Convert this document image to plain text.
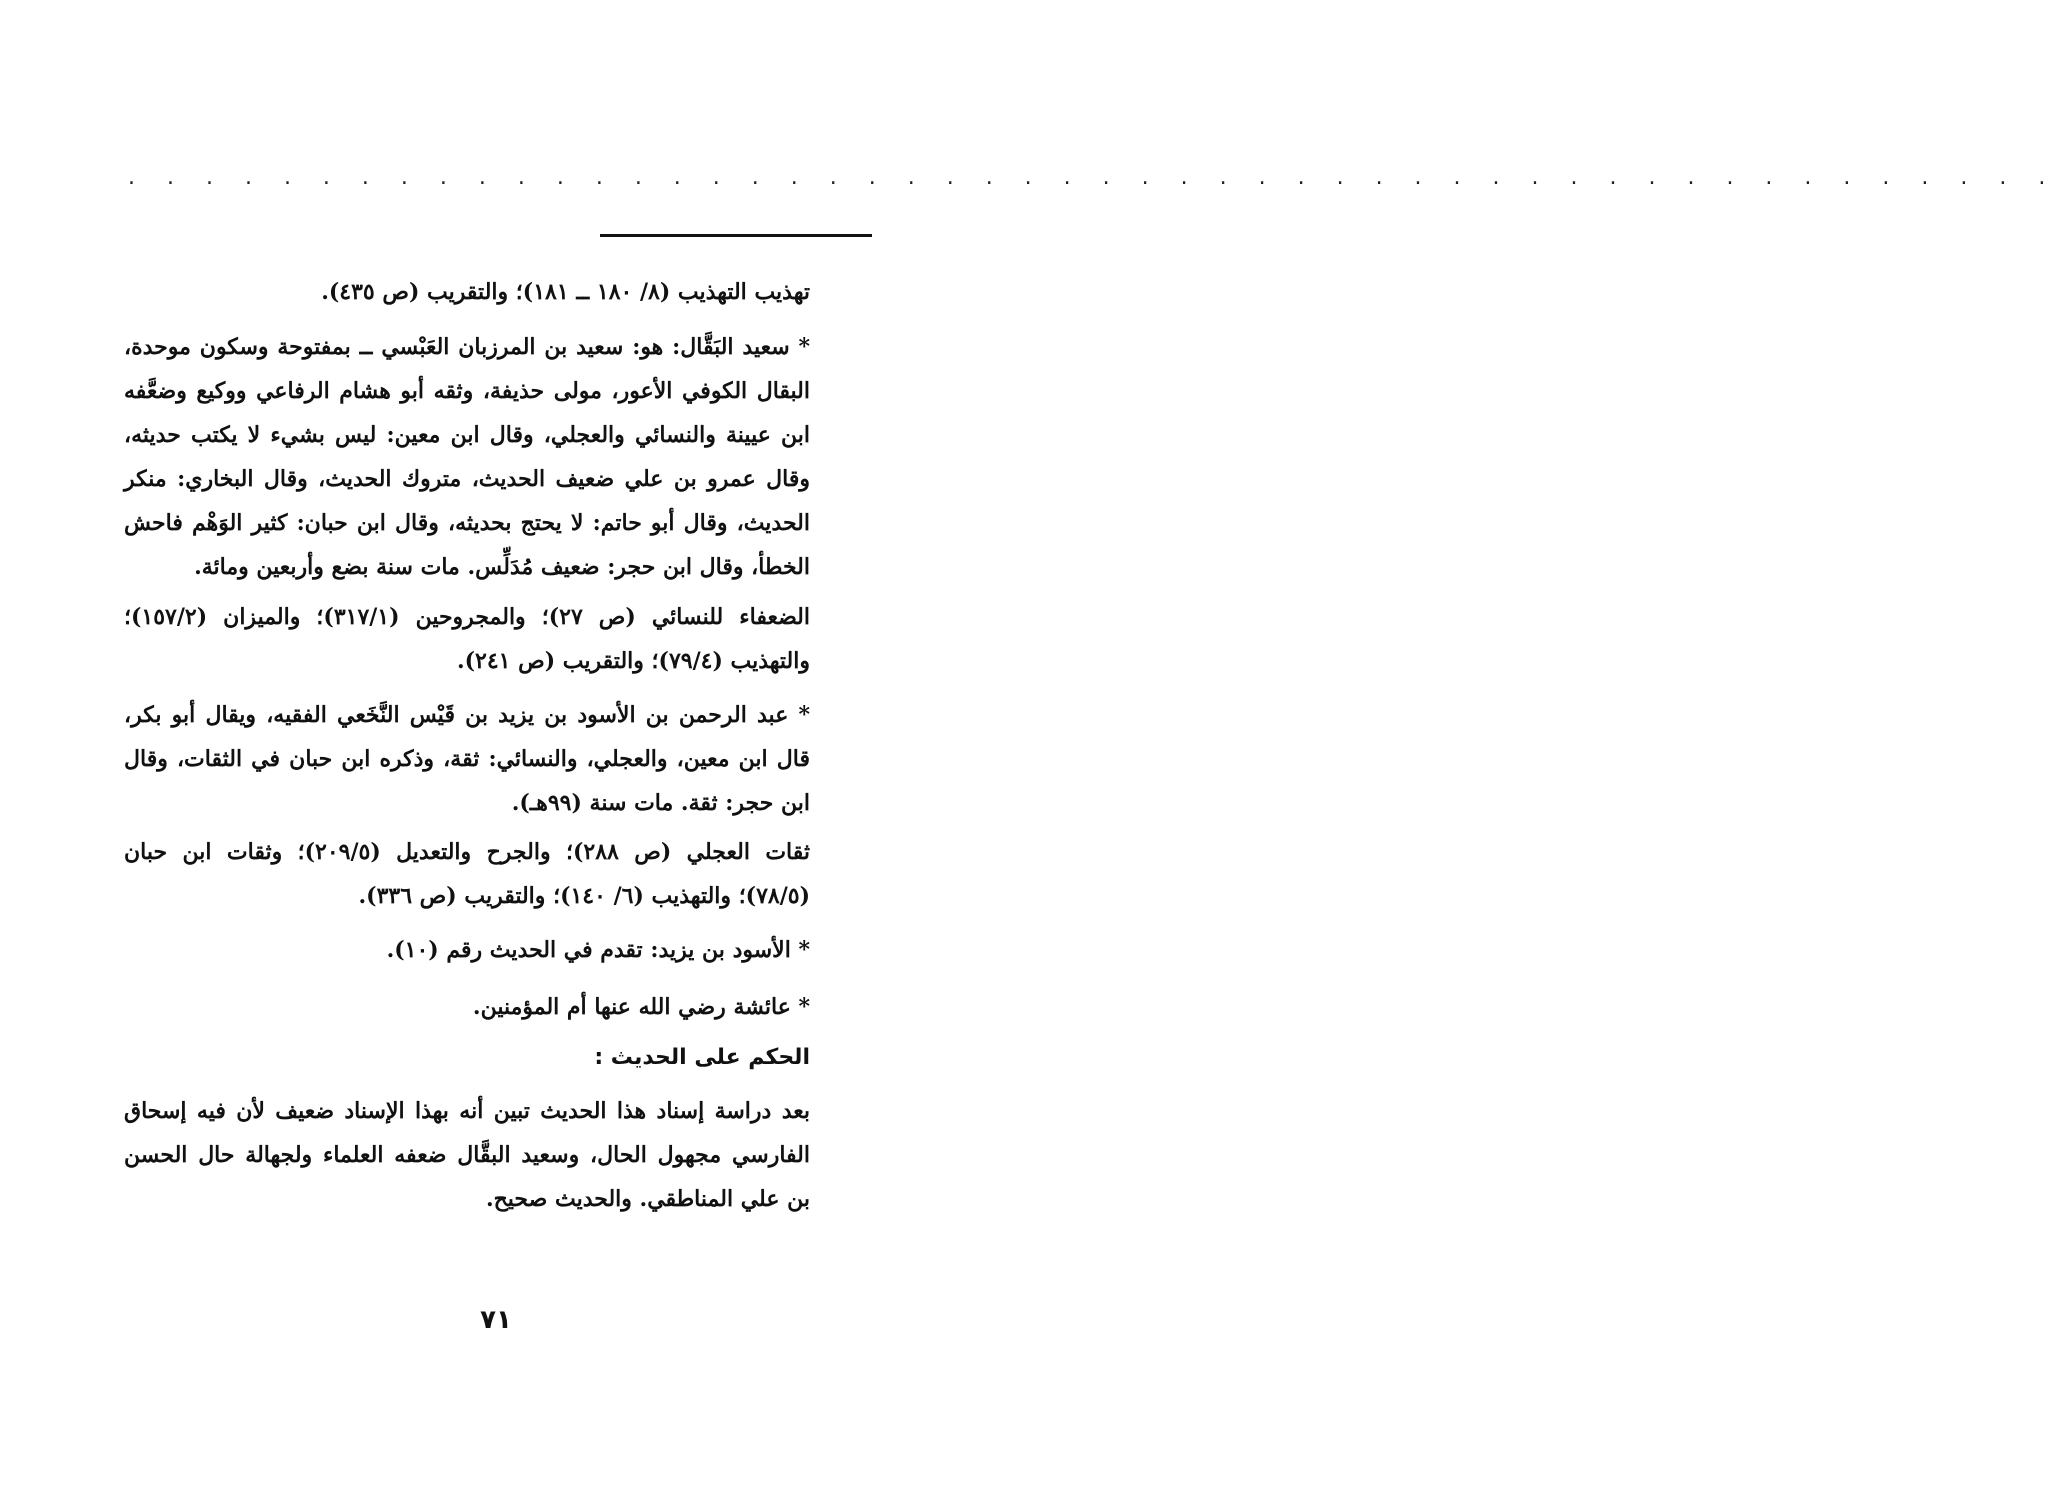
. . . . . . . . . . . . . . . . . . . . . . . . . . . . . . . . . . . . . . . . . . . . . . . . . .
تهذيب التهذيب (٨/ ١٨٠ ــ ١٨١)؛ والتقريب (ص ٤٣٥).
* سعيد البَقَّال: هو: سعيد بن المرزبان العَبْسي ــ بمفتوحة وسكون موحدة، البقال الكوفي الأعور، مولى حذيفة، وثقه أبو هشام الرفاعي ووكيع وضعَّفه ابن عيينة والنسائي والعجلي، وقال ابن معين: ليس بشيء لا يكتب حديثه، وقال عمرو بن علي ضعيف الحديث، متروك الحديث، وقال البخاري: منكر الحديث، وقال أبو حاتم: لا يحتج بحديثه، وقال ابن حبان: كثير الوَهْم فاحش الخطأ، وقال ابن حجر: ضعيف مُدَلِّس. مات سنة بضع وأربعين ومائة.
الضعفاء للنسائي (ص ٢٧)؛ والمجروحين (٣١٧/١)؛ والميزان (١٥٧/٢)؛ والتهذيب (٧٩/٤)؛ والتقريب (ص ٢٤١).
* عبد الرحمن بن الأسود بن يزيد بن قَيْس النَّخَعي الفقيه، ويقال أبو بكر، قال ابن معين، والعجلي، والنسائي: ثقة، وذكره ابن حبان في الثقات، وقال ابن حجر: ثقة. مات سنة (٩٩هـ).
ثقات العجلي (ص ٢٨٨)؛ والجرح والتعديل (٢٠٩/٥)؛ وثقات ابن حبان (٧٨/٥)؛ والتهذيب (٦/ ١٤٠)؛ والتقريب (ص ٣٣٦).
* الأسود بن يزيد: تقدم في الحديث رقم (١٠).
* عائشة رضي الله عنها أم المؤمنين.
الحكم على الحديث :
بعد دراسة إسناد هذا الحديث تبين أنه بهذا الإسناد ضعيف لأن فيه إسحاق الفارسي مجهول الحال، وسعيد البقَّال ضعفه العلماء ولجهالة حال الحسن بن علي المناطقي. والحديث صحيح.
٧١
